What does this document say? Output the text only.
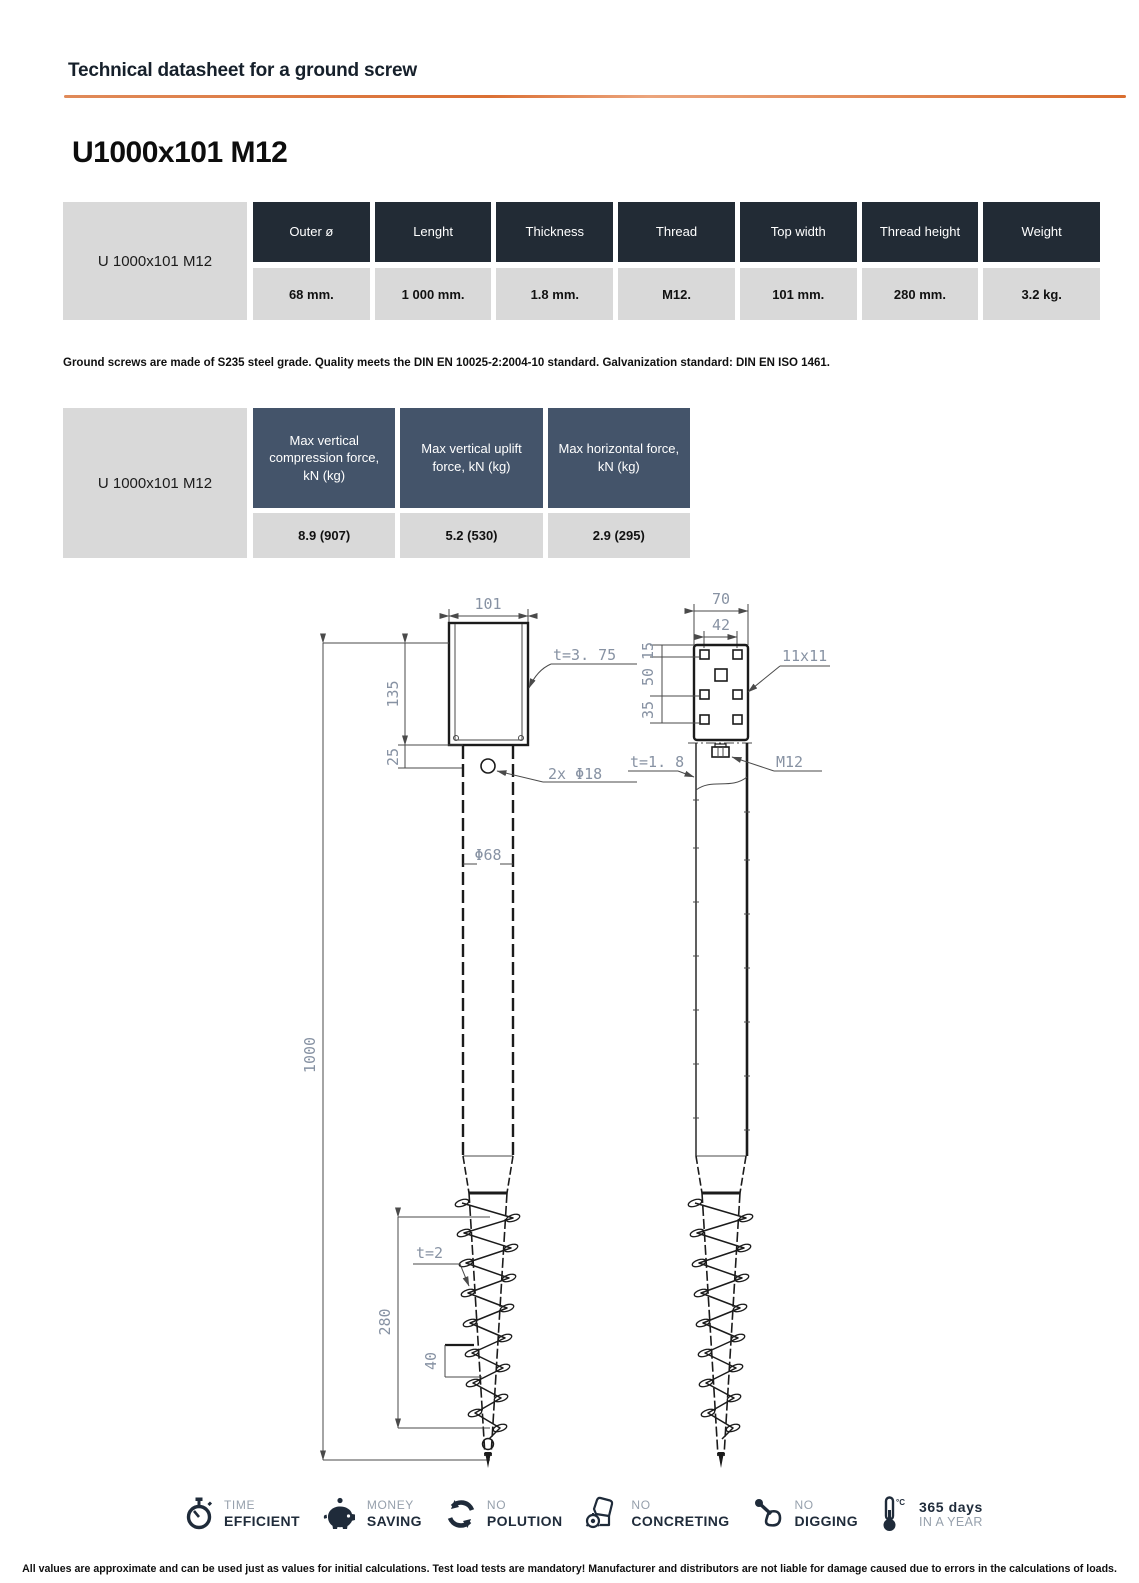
Technical datasheet for a ground screw
U1000x101 M12
U 1000x101 M12
Outer ø
68 mm.
Lenght
1 000 mm.
Thickness
1.8 mm.
Thread
M12.
Top width
101 mm.
Thread height
280 mm.
Weight
3.2 kg.
Ground screws are made of S235 steel grade. Quality meets the DIN EN 10025-2:2004-10 standard. Galvanization standard: DIN EN ISO 1461.
U 1000x101 M12
Max vertical compression force, kN (kg)
8.9 (907)
Max vertical uplift force, kN (kg)
5.2 (530)
Max horizontal force, kN (kg)
2.9 (295)
101
t=3. 75
135
25
1000
2x Φ18
Φ68
t=2
280
40
70
42
15
50
35
11x11
M12
t=1. 8
TIME
EFFICIENT
MONEY
SAVING
NO
POLUTION
NO
CONCRETING
NO
DIGGING
°C 365 days
IN A YEAR
All values are approximate and can be used just as values for initial calculations. Test load tests are mandatory! Manufacturer and distributors are not liable for damage caused due to errors in the calculations of loads.
